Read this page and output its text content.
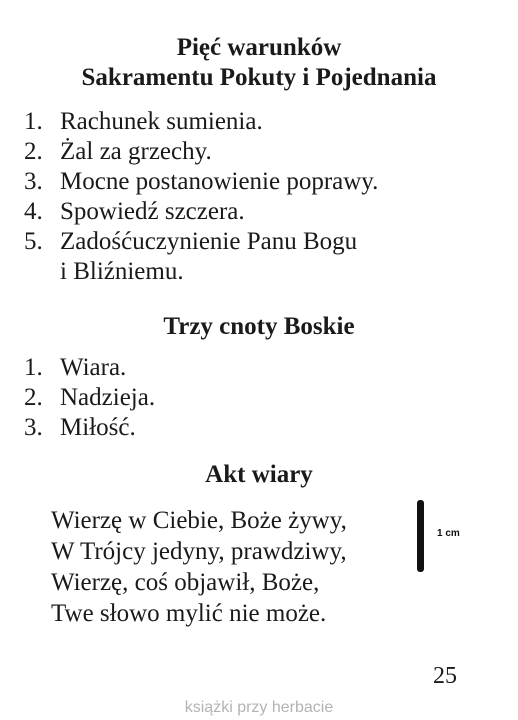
Pięć warunków
Sakramentu Pokuty i Pojednania
1. Rachunek sumienia.
2. Żal za grzechy.
3. Mocne postanowienie poprawy.
4. Spowiedź szczera.
5. Zadośćuczynienie Panu Bogu
i Bliźniemu.
Trzy cnoty Boskie
1. Wiara.
2. Nadzieja.
3. Miłość.
Akt wiary
Wierzę w Ciebie, Boże żywy,
W Trójcy jedyny, prawdziwy,
Wierzę, coś objawił, Boże,
Twe słowo mylić nie może.
1 cm
25
książki przy herbacie
